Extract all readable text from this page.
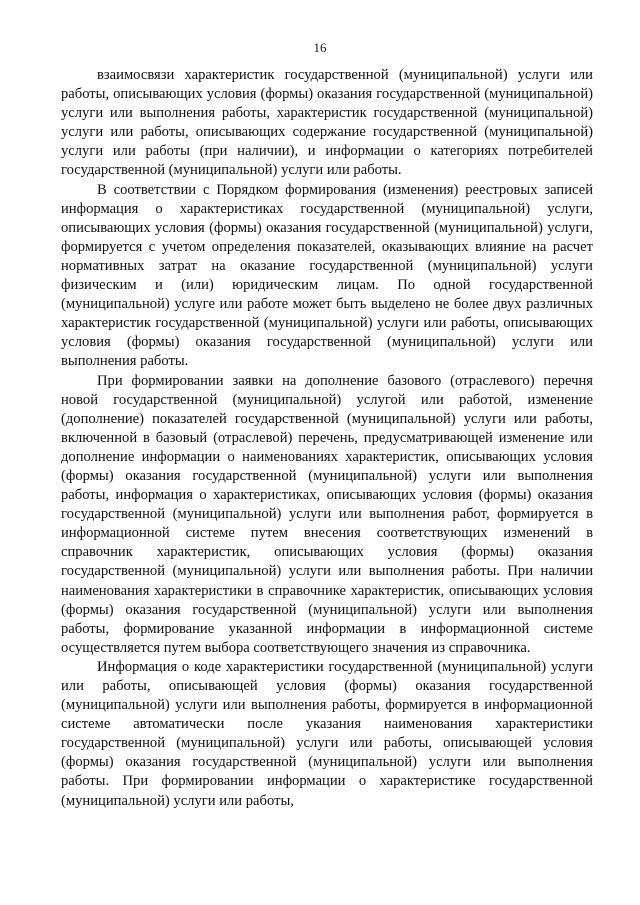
16

взаимосвязи характеристик государственной (муниципальной) услуги или работы, описывающих условия (формы) оказания государственной (муниципальной) услуги или выполнения работы, характеристик государственной (муниципальной) услуги или работы, описывающих содержание государственной (муниципальной) услуги или работы (при наличии), и информации о категориях потребителей государственной (муниципальной) услуги или работы.

В соответствии с Порядком формирования (изменения) реестровых записей информация о характеристиках государственной (муниципальной) услуги, описывающих условия (формы) оказания государственной (муниципальной) услуги, формируется с учетом определения показателей, оказывающих влияние на расчет нормативных затрат на оказание государственной (муниципальной) услуги физическим и (или) юридическим лицам. По одной государственной (муниципальной) услуге или работе может быть выделено не более двух различных характеристик государственной (муниципальной) услуги или работы, описывающих условия (формы) оказания государственной (муниципальной) услуги или выполнения работы.

При формировании заявки на дополнение базового (отраслевого) перечня новой государственной (муниципальной) услугой или работой, изменение (дополнение) показателей государственной (муниципальной) услуги или работы, включенной в базовый (отраслевой) перечень, предусматривающей изменение или дополнение информации о наименованиях характеристик, описывающих условия (формы) оказания государственной (муниципальной) услуги или выполнения работы, информация о характеристиках, описывающих условия (формы) оказания государственной (муниципальной) услуги или выполнения работ, формируется в информационной системе путем внесения соответствующих изменений в справочник характеристик, описывающих условия (формы) оказания государственной (муниципальной) услуги или выполнения работы. При наличии наименования характеристики в справочнике характеристик, описывающих условия (формы) оказания государственной (муниципальной) услуги или выполнения работы, формирование указанной информации в информационной системе осуществляется путем выбора соответствующего значения из справочника.

Информация о коде характеристики государственной (муниципальной) услуги или работы, описывающей условия (формы) оказания государственной (муниципальной) услуги или выполнения работы, формируется в информационной системе автоматически после указания наименования характеристики государственной (муниципальной) услуги или работы, описывающей условия (формы) оказания государственной (муниципальной) услуги или выполнения работы. При формировании информации о характеристике государственной (муниципальной) услуги или работы,
